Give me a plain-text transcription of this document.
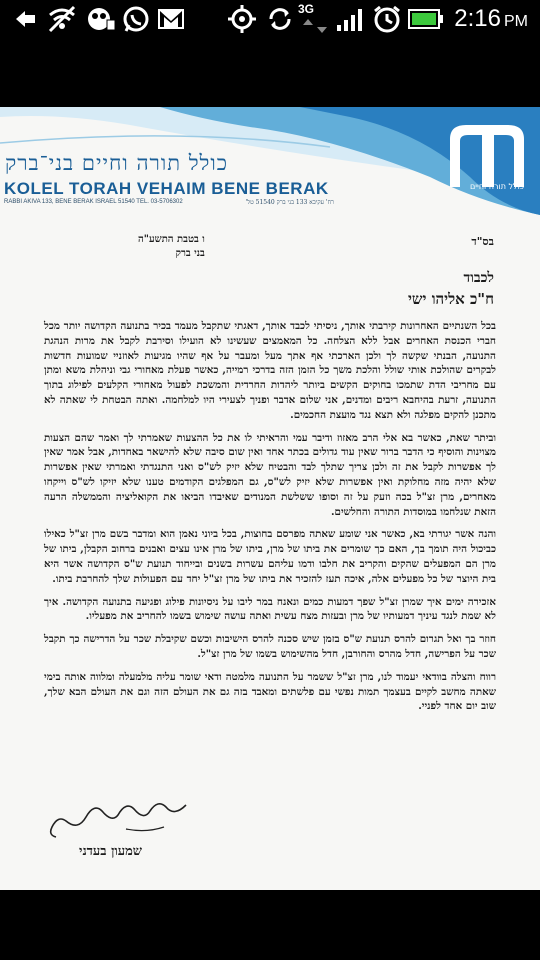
3G	2:16 PM
כולל תורה וחיים
כולל תורה וחיים בני־ברק
KOLEL TORAH VEHAIM BENE BERAK
RABBI AKIVA 133, BENE BERAK ISRAEL 51540 TEL. 03-5706302	רח' עקיבא 133 בני ברק 51540 טל'
בס"ד
ו בטבת התשע"ה
בני ברק
לכבוד
ח"כ אליהו ישי

בכל השנתיים האחרונות קירבתי אותך, ניסיתי לכבד אותך, דאגתי שתקבל מעמד בכיר בתנועה הקדושה יותר מכל חברי הכנסת האחרים אבל ללא הצלחה. כל המאמצים שעשינו לא הועילו וסירבת לקבל את מרות הנהגת התנועה, הבנתי שקשה לך ולכן הארכתי אף אתך מעל ומעבר על אף שהיו מגיעות לאוזניי שמועות חדשות לבקרים שהולכת אותי שולל והלכת משך כל הזמן הזה בדרכי רמייה, כאשר פעלת מאחורי גבי וניהלת משא ומתן עם מחריבי הדת שתמכו בחוקים הקשים ביותר ליהדות החרדית והמשכת לפעול מאחורי הקלעים לפילוג בתוך התנועה, זרעת בהיחבא ריבים ומדנים, אני שלום אדבר ופניך לצעירי היו למלחמה. ואתה הבטחת לי שאתה לא מתכנן להקים מפלגה ולא תצא נגד מועצת החכמים.

וביתר שאת, כאשר בא אלי הרב מאזוז ודיבר עמי והראיתי לו את כל ההצעות שאמרתי לך ואמר שהם הצעות מצוינות והוסיף כי הדבר ברור שאין עוד גדולים בכתר אחד ואין שום סיבה שלא להישאר באחדות, אבל אמר שאין לך אפשרות לקבל את זה ולכן צריך שתלך לבד והבטיח שלא יזיק לש"ס ואני התנגדתי ואמרתי שאין אפשרות שלא יהיה מזה מחלוקת ואין אפשרות שלא יזיק לש"ס, גם המפלגים הקודמים טענו שלא יזיקו לש"ס וייקחו מאחרים, מרן זצ"ל בכה וזעק על זה וסופו ששלשת המנודים שאיבדו הביאו את הקואליציה והממשלה הרעה הזאת שנלחמו במוסדות התורה והחלשים.

והנה אשר יגורתי בא, כאשר אני שומע שאתה מפרסם בחוצות, בכל ביוני נאמן הוא ומדבר בשם מרן זצ"ל כאילו כביכול היה תומך בך, האם כך שומרים את ביתו של מרן, ביתו של מרן אינו עצים ואבנים ברחוב הקבלן, ביתו של מרן הם המפעלים שהקים והקריב את חלבו ודמו עליהם עשרות בשנים ובייחוד תנועת ש"ס הקדושה אשר היא בית היוצר של כל מפעלים אלה, איכה תעז להזכיר את ביתו של מרן זצ"ל יחד עם הפעולות שלך להחרבת ביתו.

אזכירה ימים איך שמרן זצ"ל שפך דמעות כמים ונאנח במר ליבו על ניסיונות פילוג ופגיעה בתנועה הקדושה. איך לא שמת לנגד עיניך דמעותיו של מרן ובעזות מצח עשית ואתה עושה שימוש בשמו להחריב את מפעליו.

חוזר בך ואל תגרום להרס תנועת ש"ס בזמן שיש סכנה להרס הישיבות וכשם שקיבלת שכר על הדרישה כך תקבל שכר על הפרישה, חדל מהרס והחורבן, חדל מהשימוש בשמו של מרן זצ"ל.

רווח והצלה בוודאי יעמוד לנו, מרן זצ"ל ששמר על התנועה מלמטה ודאי שומר עליה מלמעלה ומלווה אותה בימי שאתה מחשב לקיים בעצמך תמות נפשי עם פלשתים ומאבד בזה גם את העולם הזה וגם את העולם הבא שלך, שוב יום אחד לפניי.

שמעון בעדני
